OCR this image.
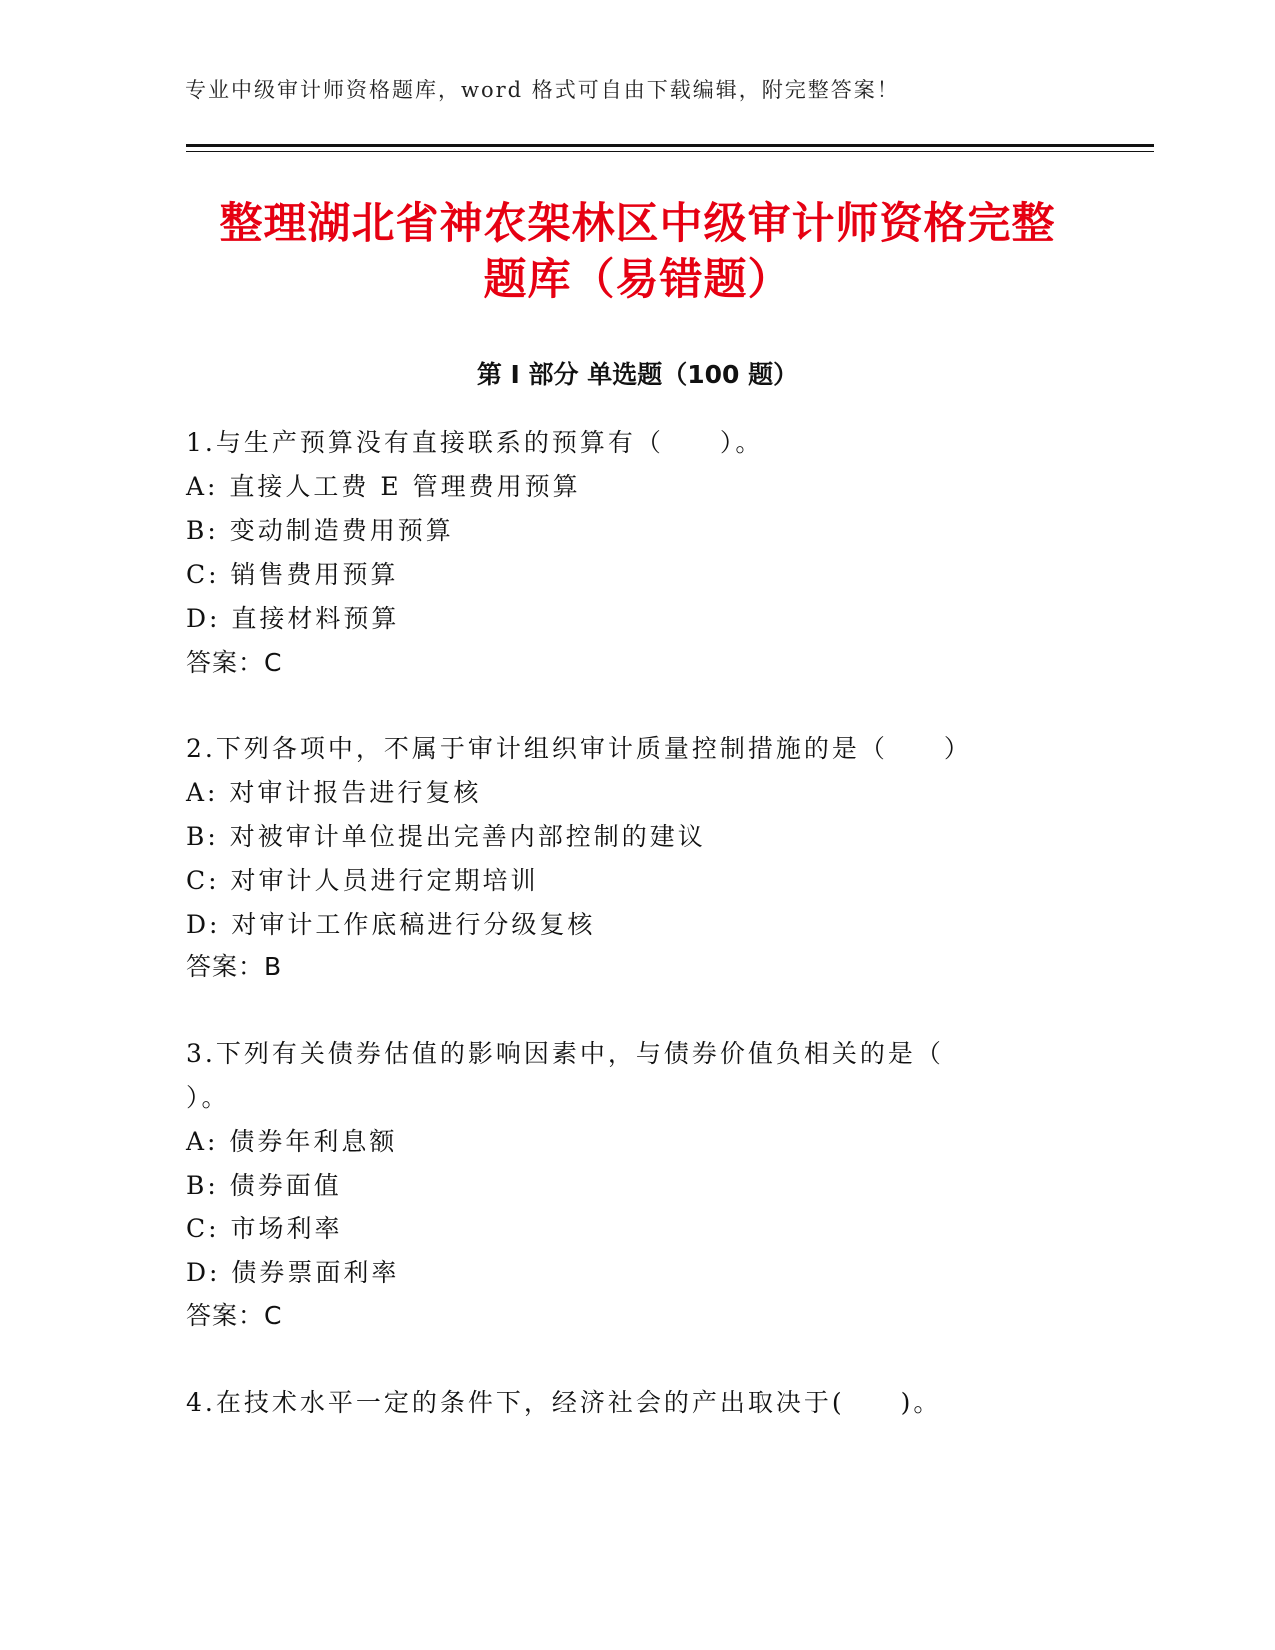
专业中级审计师资格题库，word 格式可自由下载编辑，附完整答案！
整理湖北省神农架林区中级审计师资格完整
题库（易错题）
第 I 部分 单选题（100 题）
1.与生产预算没有直接联系的预算有（　　）。
A: 直接人工费 E 管理费用预算
B: 变动制造费用预算
C: 销售费用预算
D: 直接材料预算
答案：C
2.下列各项中，不属于审计组织审计质量控制措施的是（　　）
A: 对审计报告进行复核
B: 对被审计单位提出完善内部控制的建议
C: 对审计人员进行定期培训
D: 对审计工作底稿进行分级复核
答案：B
3.下列有关债券估值的影响因素中，与债券价值负相关的是（
）。
A: 债券年利息额
B: 债券面值
C: 市场利率
D: 债券票面利率
答案：C
4.在技术水平一定的条件下，经济社会的产出取决于(　　)。
